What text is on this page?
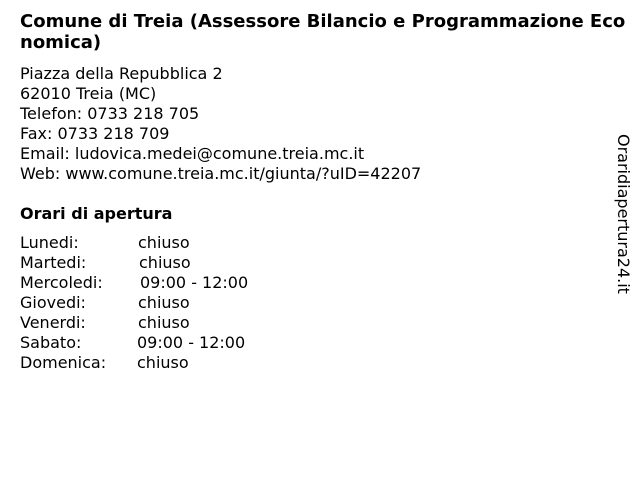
Comune di Treia (Assessore Bilancio e Programmazione Economica)
Piazza della Repubblica 2
62010 Treia (MC)
Telefon: 0733 218 705
Fax: 0733 218 709
Email: ludovica.medei@comune.treia.mc.it
Web: www.comune.treia.mc.it/giunta/?uID=42207
Orari di apertura
Lunedi:	chiuso
Martedi:	chiuso
Mercoledi: 09:00 - 12:00
Giovedi:	chiuso
Venerdi:	chiuso
Sabato:	09:00 - 12:00
Domenica: chiuso
Oraridiapertura24.it
